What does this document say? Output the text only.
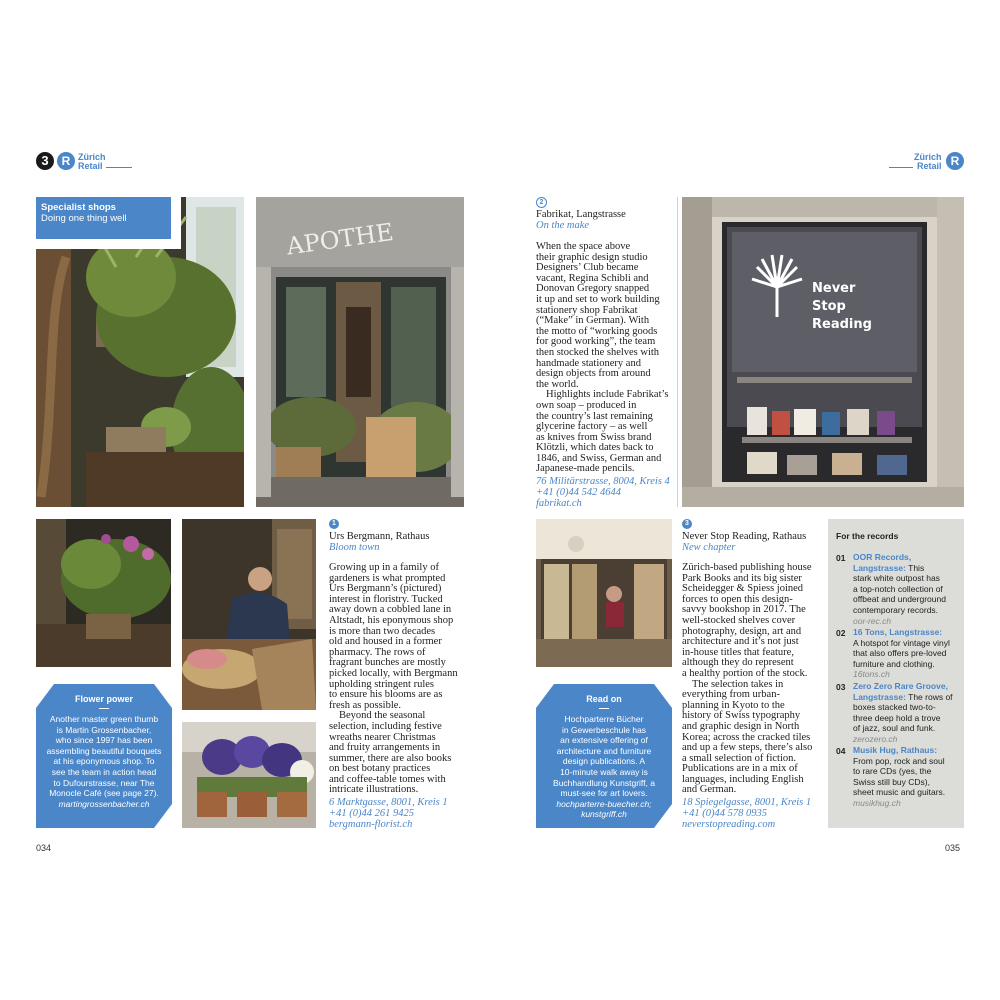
3	R Zürich
Retail
Zürich
Retail R
Specialist shops
Doing one thing well	APOTHE
Flower power
Another master green thumb
is Martin Grossenbacher,
who since 1997 has been
assembling beautiful bouquets
at his eponymous shop. To
see the team in action head
to Dufourstrasse, near The
Monocle Café (see page 27).
martingrossenbacher.ch
1
Urs Bergmann, Rathaus
Bloom town
Growing up in a family of
gardeners is what prompted
Urs Bergmann’s (pictured)
interest in floristry. Tucked
away down a cobbled lane in
Altstadt, his eponymous shop
is more than two decades
old and housed in a former
pharmacy. The rows of
fragrant bunches are mostly
picked locally, with Bergmann
upholding stringent rules
to ensure his blooms are as
fresh as possible.
Beyond the seasonal
selection, including festive
wreaths nearer Christmas
and fruity arrangements in
summer, there are also books
on best botany practices
and coffee-table tomes with
intricate illustrations.
6 Marktgasse, 8001, Kreis 1
+41 (0)44 261 9425
bergmann-florist.ch
034
2
Fabrikat, Langstrasse
On the make
When the space above
their graphic design studio
Designers’ Club became
vacant, Regina Schibli and
Donovan Gregory snapped
it up and set to work building
stationery shop Fabrikat
(“Make” in German). With
the motto of “working goods
for good working”, the team
then stocked the shelves with
handmade stationery and
design objects from around
the world.
Highlights include Fabrikat’s
own soap – produced in
the country’s last remaining
glycerine factory – as well
as knives from Swiss brand
Klötzli, which dates back to
1846, and Swiss, German and
Japanese-made pencils.
76 Militärstrasse, 8004, Kreis 4
+41 (0)44 542 4644
fabrikat.ch
Never
Stop
Reading
Read on
Hochparterre Bücher
in Gewerbeschule has
an extensive offering of
architecture and furniture
design publications. A
10-minute walk away is
Buchhandlung Kunstgriff, a
must-see for art lovers.
hochparterre-buecher.ch;
kunstgriff.ch
3
Never Stop Reading, Rathaus
New chapter
Zürich-based publishing house
Park Books and its big sister
Scheidegger & Spiess joined
forces to open this design-
savvy bookshop in 2017. The
well-stocked shelves cover
photography, design, art and
architecture and it’s not just
in-house titles that feature,
although they do represent
a healthy portion of the stock.
The selection takes in
everything from urban-
planning in Kyoto to the
history of Swiss typography
and graphic design in North
Korea; across the cracked tiles
and up a few steps, there’s also
a small selection of fiction.
Publications are in a mix of
languages, including English
and German.
18 Spiegelgasse, 8001, Kreis 1
+41 (0)44 578 0935
neverstopreading.com
For the records
01 OOR Records,
Langstrasse: This
stark white outpost has
a top-notch collection of
offbeat and underground
contemporary records.
oor-rec.ch
02 16 Tons, Langstrasse:
A hotspot for vintage vinyl
that also offers pre-loved
furniture and clothing.
16tons.ch
03 Zero Zero Rare Groove,
Langstrasse: The rows of
boxes stacked two-to-
three deep hold a trove
of jazz, soul and funk.
zerozero.ch
04 Musik Hug, Rathaus:
From pop, rock and soul
to rare CDs (yes, the
Swiss still buy CDs),
sheet music and guitars.
musikhug.ch
035
